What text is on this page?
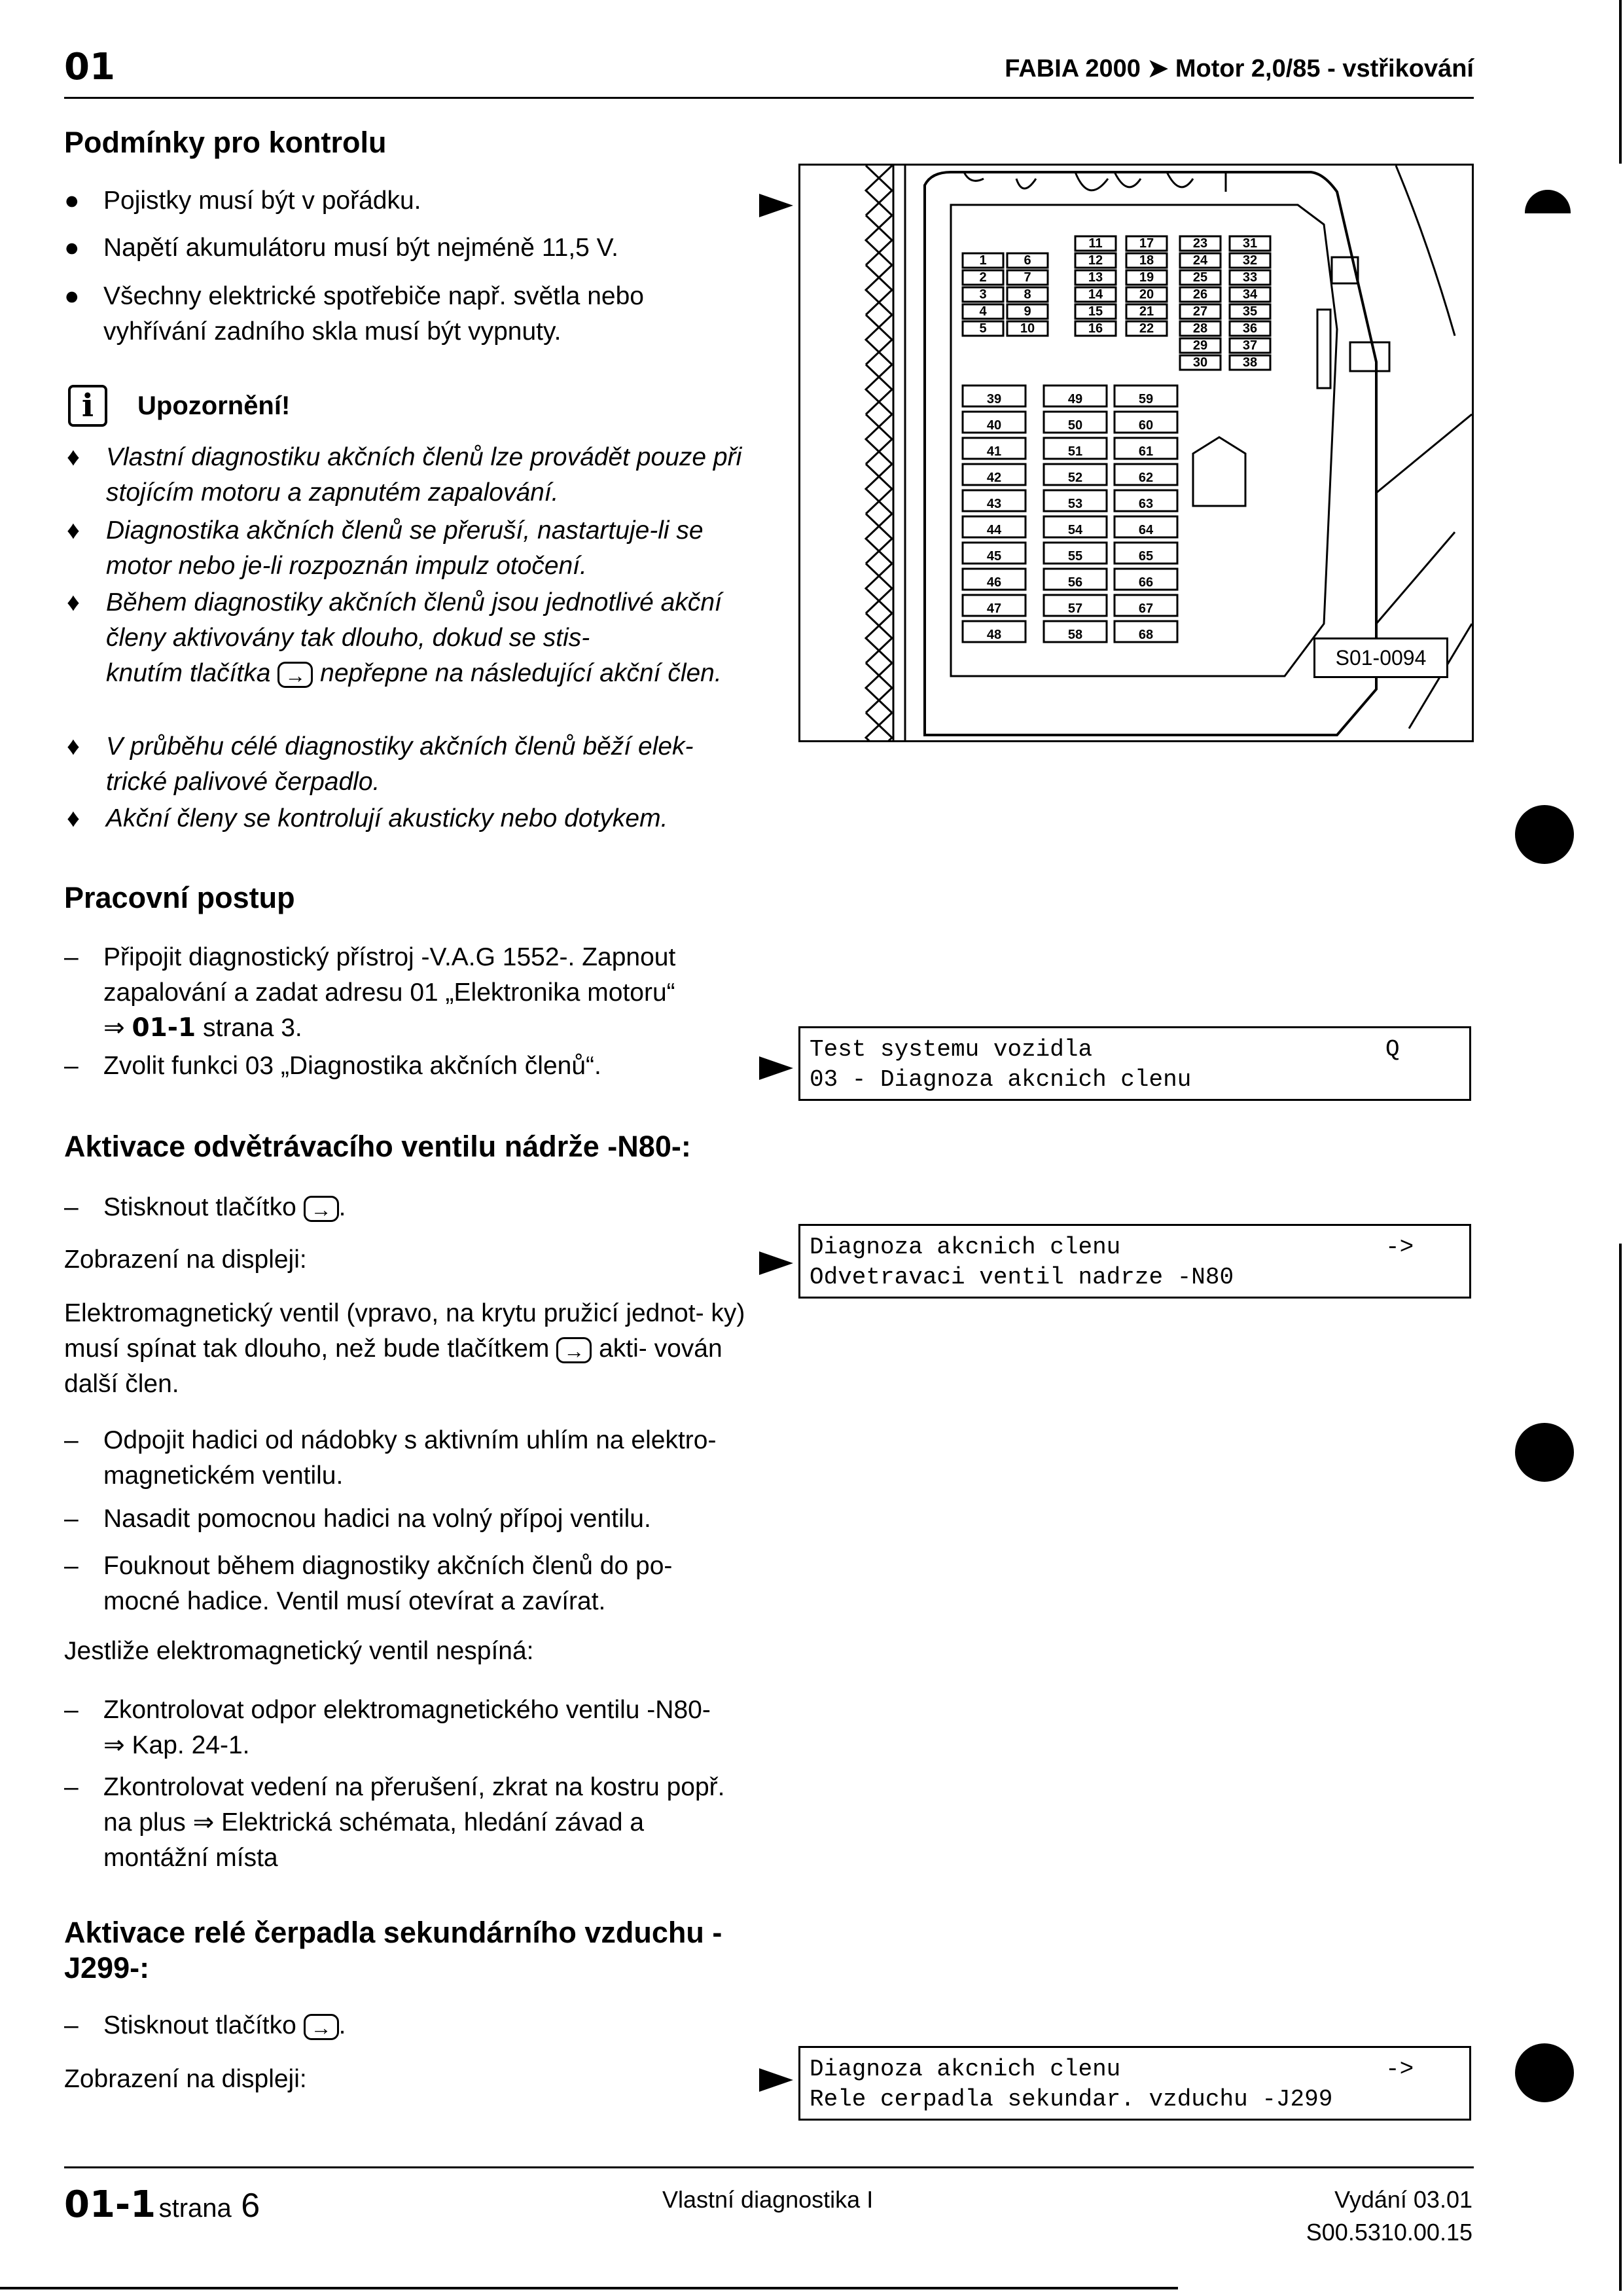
01	FABIA 2000 ➤ Motor 2,0/85 - vstřikování
Podmínky pro kontrolu
● Pojistky musí být v pořádku.
● Napětí akumulátoru musí být nejméně 11,5 V.
● Všechny elektrické spotřebiče např. světla nebo vyhřívání zadního skla musí být vypnuty.
i	Upozornění!
♦ Vlastní diagnostiku akčních členů lze provádět pouze při stojícím motoru a zapnutém zapalování.
♦ Diagnostika akčních členů se přeruší, nastartuje-li se motor nebo je-li rozpoznán impulz otočení.
♦ Během diagnostiky akčních členů jsou jednotlivé akční členy aktivovány tak dlouho, dokud se stis-
knutím tlačítka → nepřepne na následující akční člen.
♦ V průběhu célé diagnostiky akčních členů běží elek- trické palivové čerpadlo.
♦ Akční členy se kontrolují akusticky nebo dotykem.
1
2
3
4
5
6
7
8
9
10
11
12
13
14
15
16
17
18
19
20
21
22
23
24
25
26
27
28
29
30
31
32
33
34
35
36
37
38
39
40
41
42
43
44
45
46
47
48
49
50
51
52
53
54
55
56
57
58
59
60
61
62
63
64
65
66
67
68
S01-0094
Pracovní postup
– Připojit diagnostický přístroj -V.A.G 1552-. Zapnout zapalování a zadat adresu 01 „Elektronika motoru“
⇒ 01-1 strana 3.
– Zvolit funkci 03 „Diagnostika akčních členů“.
Test systemu vozidla	Q
03 - Diagnoza akcnich clenu
Aktivace odvětrávacího ventilu nádrže -N80-:
– Stisknout tlačítko → .

Zobrazení na displeji:	Diagnoza akcnich clenu	->
Odvetravaci ventil nadrze -N80

Elektromagnetický ventil (vpravo, na krytu pružicí jednot- ky) musí spínat tak dlouho, než bude tlačítkem → akti- vován další člen.

– Odpojit hadici od nádobky s aktivním uhlím na elektro- magnetickém ventilu.
– Nasadit pomocnou hadici na volný přípoj ventilu.
– Fouknout během diagnostiky akčních členů do po- mocné hadice. Ventil musí otevírat a zavírat.

Jestliže elektromagnetický ventil nespíná:

– Zkontrolovat odpor elektromagnetického ventilu -N80-
⇒ Kap. 24-1.
– Zkontrolovat vedení na přerušení, zkrat na kostru popř. na plus ⇒ Elektrická schémata, hledání závad a montážní místa
Aktivace relé čerpadla sekundárního vzduchu -J299-:
– Stisknout tlačítko → .

Zobrazení na displeji:	Diagnoza akcnich clenu	->
Rele cerpadla sekundar. vzduchu -J299
01-1 strana 6	Vlastní diagnostika I	Vydání 03.01
S00.5310.00.15
